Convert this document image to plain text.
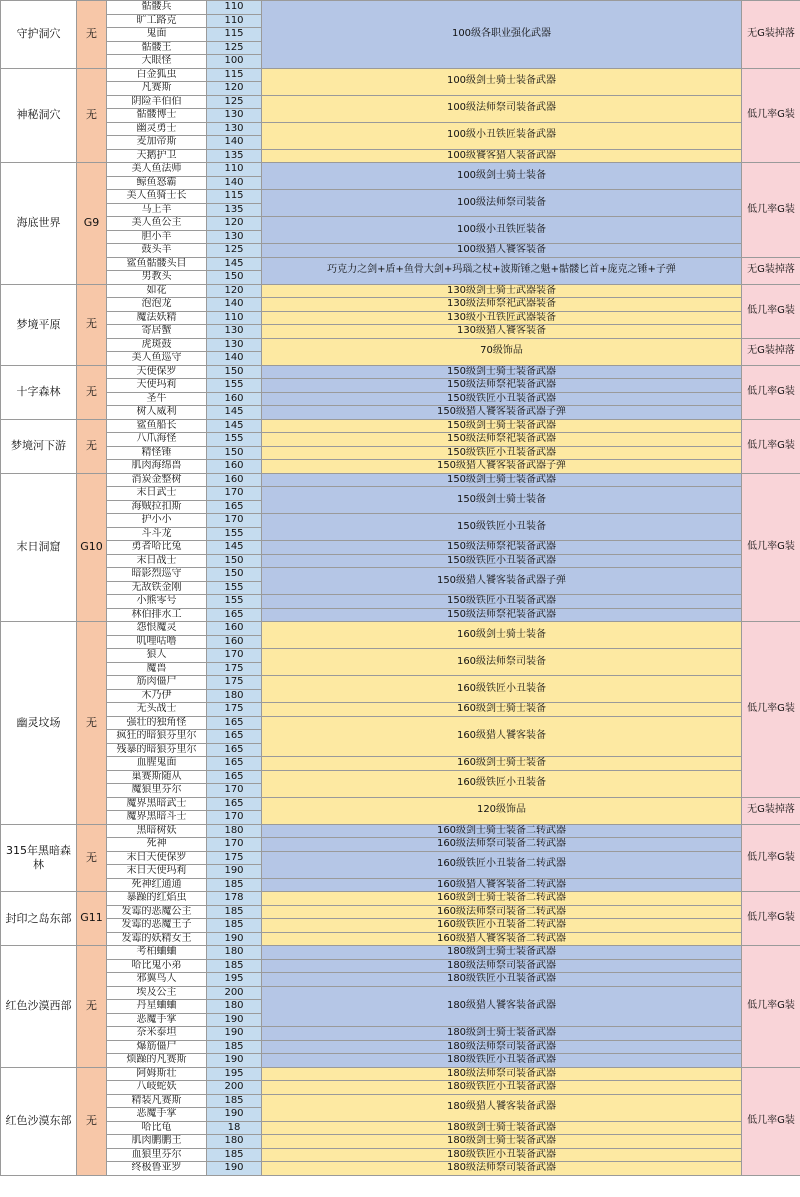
守护洞穴	无	骷髅兵	110	100级各职业强化武器	无G装掉落
		旷工路克	110		
		鬼面	115		
		骷髅王	125		
		大眼怪	100		
神秘洞穴	无	白金狐虫	115	100级剑士骑士装备武器	低几率G装
		凡赛斯	120		
		阴险羊伯伯	125	100级法师祭司装备武器	
		骷髅博士	130		
		幽灵勇士	130	100级小丑铁匠装备武器	
		麦加帝斯	140		
		天鹅护卫	135	100级饕客猎人装备武器	
海底世界	G9	美人鱼法师	110	100级剑士骑士装备	低几率G装
		鲸鱼怒霸	140		
		美人鱼骑士长	115	100级法师祭司装备	
		马上羊	135		
		美人鱼公主	120	100级小丑铁匠装备	
		胆小羊	130		
		鼓头羊	125	100级猎人饕客装备	
		鲨鱼骷髅头目	145	巧克力之剑+盾+鱼骨大剑+玛瑙之杖+波斯锤之魁+骷髅匕首+庞克之锤+子弹	无G装掉落
		男教头	150		
梦境平原	无	如花	120	130级剑士骑士武器装备	低几率G装
		泡泡龙	140	130级法师祭祀武器装备	
		魔法妖精	110	130级小丑铁匠武器装备	
		寄居蟹	130	130级猎人饕客装备	
		虎斑鼓	130	70级饰品	无G装掉落
		美人鱼巡守	140		
十字森林	无	天使保罗	150	150级剑士骑士装备武器	低几率G装
		天使玛莉	155	150级法师祭祀装备武器	
		圣牛	160	150级铁匠小丑装备武器	
		树人威利	145	150级猎人饕客装备武器子弹	
梦境河下游	无	鲨鱼船长	145	150级剑士骑士装备武器	低几率G装
		八爪海怪	155	150级法师祭祀装备武器	
		精怪锤	150	150级铁匠小丑装备武器	
		肌肉海绵兽	160	150级猎人饕客装备武器子弹	
末日洞窟	G10	消炭金整树	160	150级剑士骑士装备武器	低几率G装
		末日武士	170	150级剑士骑士装备	
		海贼拉扣斯	165		
		护小小	170	150级铁匠小丑装备	
		斗斗龙	155		
		勇者哈比兔	145	150级法师祭祀装备武器	
		末日战士	150	150级铁匠小丑装备武器	
		暗影烈巡守	150	150级猎人饕客装备武器子弹	
		无敌铁金刚	155		
		小熊零号	155	150级铁匠小丑装备武器	
		林伯排水工	165	150级法师祭祀装备武器	
幽灵坟场	无	怨恨魔灵	160	160级剑士骑士装备	低几率G装
		叽哩咕噜	160		
		狼人	170	160级法师祭司装备	
		魔兽	175		
		筋肉僵尸	175	160级铁匠小丑装备	
		木乃伊	180		
		无头战士	175	160级剑士骑士装备	
		强壮的独角怪	165	160级猎人饕客装备	
		疯狂的暗狼芬里尔	165		
		残暴的暗狼芬里尔	165		
		血腥鬼面	165	160级剑士骑士装备	
		巢赛斯随从	165	160级铁匠小丑装备	
		魔狼里芬尔	170		
		魔界黑暗武士	165	120级饰品	无G装掉落
		魔界黑暗斗士	170		
315年黑暗森林	无	黑暗树妖	180	160级剑士骑士装备二转武器	低几率G装
		死神	170	160级法师祭司装备二转武器	
		末日天使保罗	175	160级铁匠小丑装备二转武器	
		末日天使玛莉	190		
		死神红通通	185	160级猎人饕客装备二转武器	
封印之岛东部	G11	暴躁的红焰虫	178	160级剑士骑士装备二转武器	低几率G装
		发霉的恶魔公主	185	160级法师祭司装备二转武器	
		发霉的恶魔王子	185	160级铁匠小丑装备二转武器	
		发霉的妖精女王	190	160级猎人饕客装备二转武器	
红色沙漠西部	无	考柏蛐蛐	180	180级剑士骑士装备武器	低几率G装
		哈比鬼小弟	185	180级法师祭司装备武器	
		邪翼鸟人	195	180级铁匠小丑装备武器	
		埃及公主	200	180级猎人饕客装备武器	
		丹星蛐蛐	180		
		恶魔手掌	190		
		奈米泰坦	190	180级剑士骑士装备武器	
		爆筋僵尸	185	180级法师祭司装备武器	
		烦躁的凡赛斯	190	180级铁匠小丑装备武器	
红色沙漠东部	无	阿姆斯壮	195	180级法师祭司装备武器	低几率G装
		八岐蛇妖	200	180级铁匠小丑装备武器	
		精装凡赛斯	185	180级猎人饕客装备武器	
		恶魔手掌	190		
		哈比龟	18	180级剑士骑士装备武器	
		肌肉鹏鹏王	180	180级剑士骑士装备武器	
		血狼里芬尔	185	180级铁匠小丑装备武器	
		终极鲁亚罗	190	180级法师祭司装备武器	
